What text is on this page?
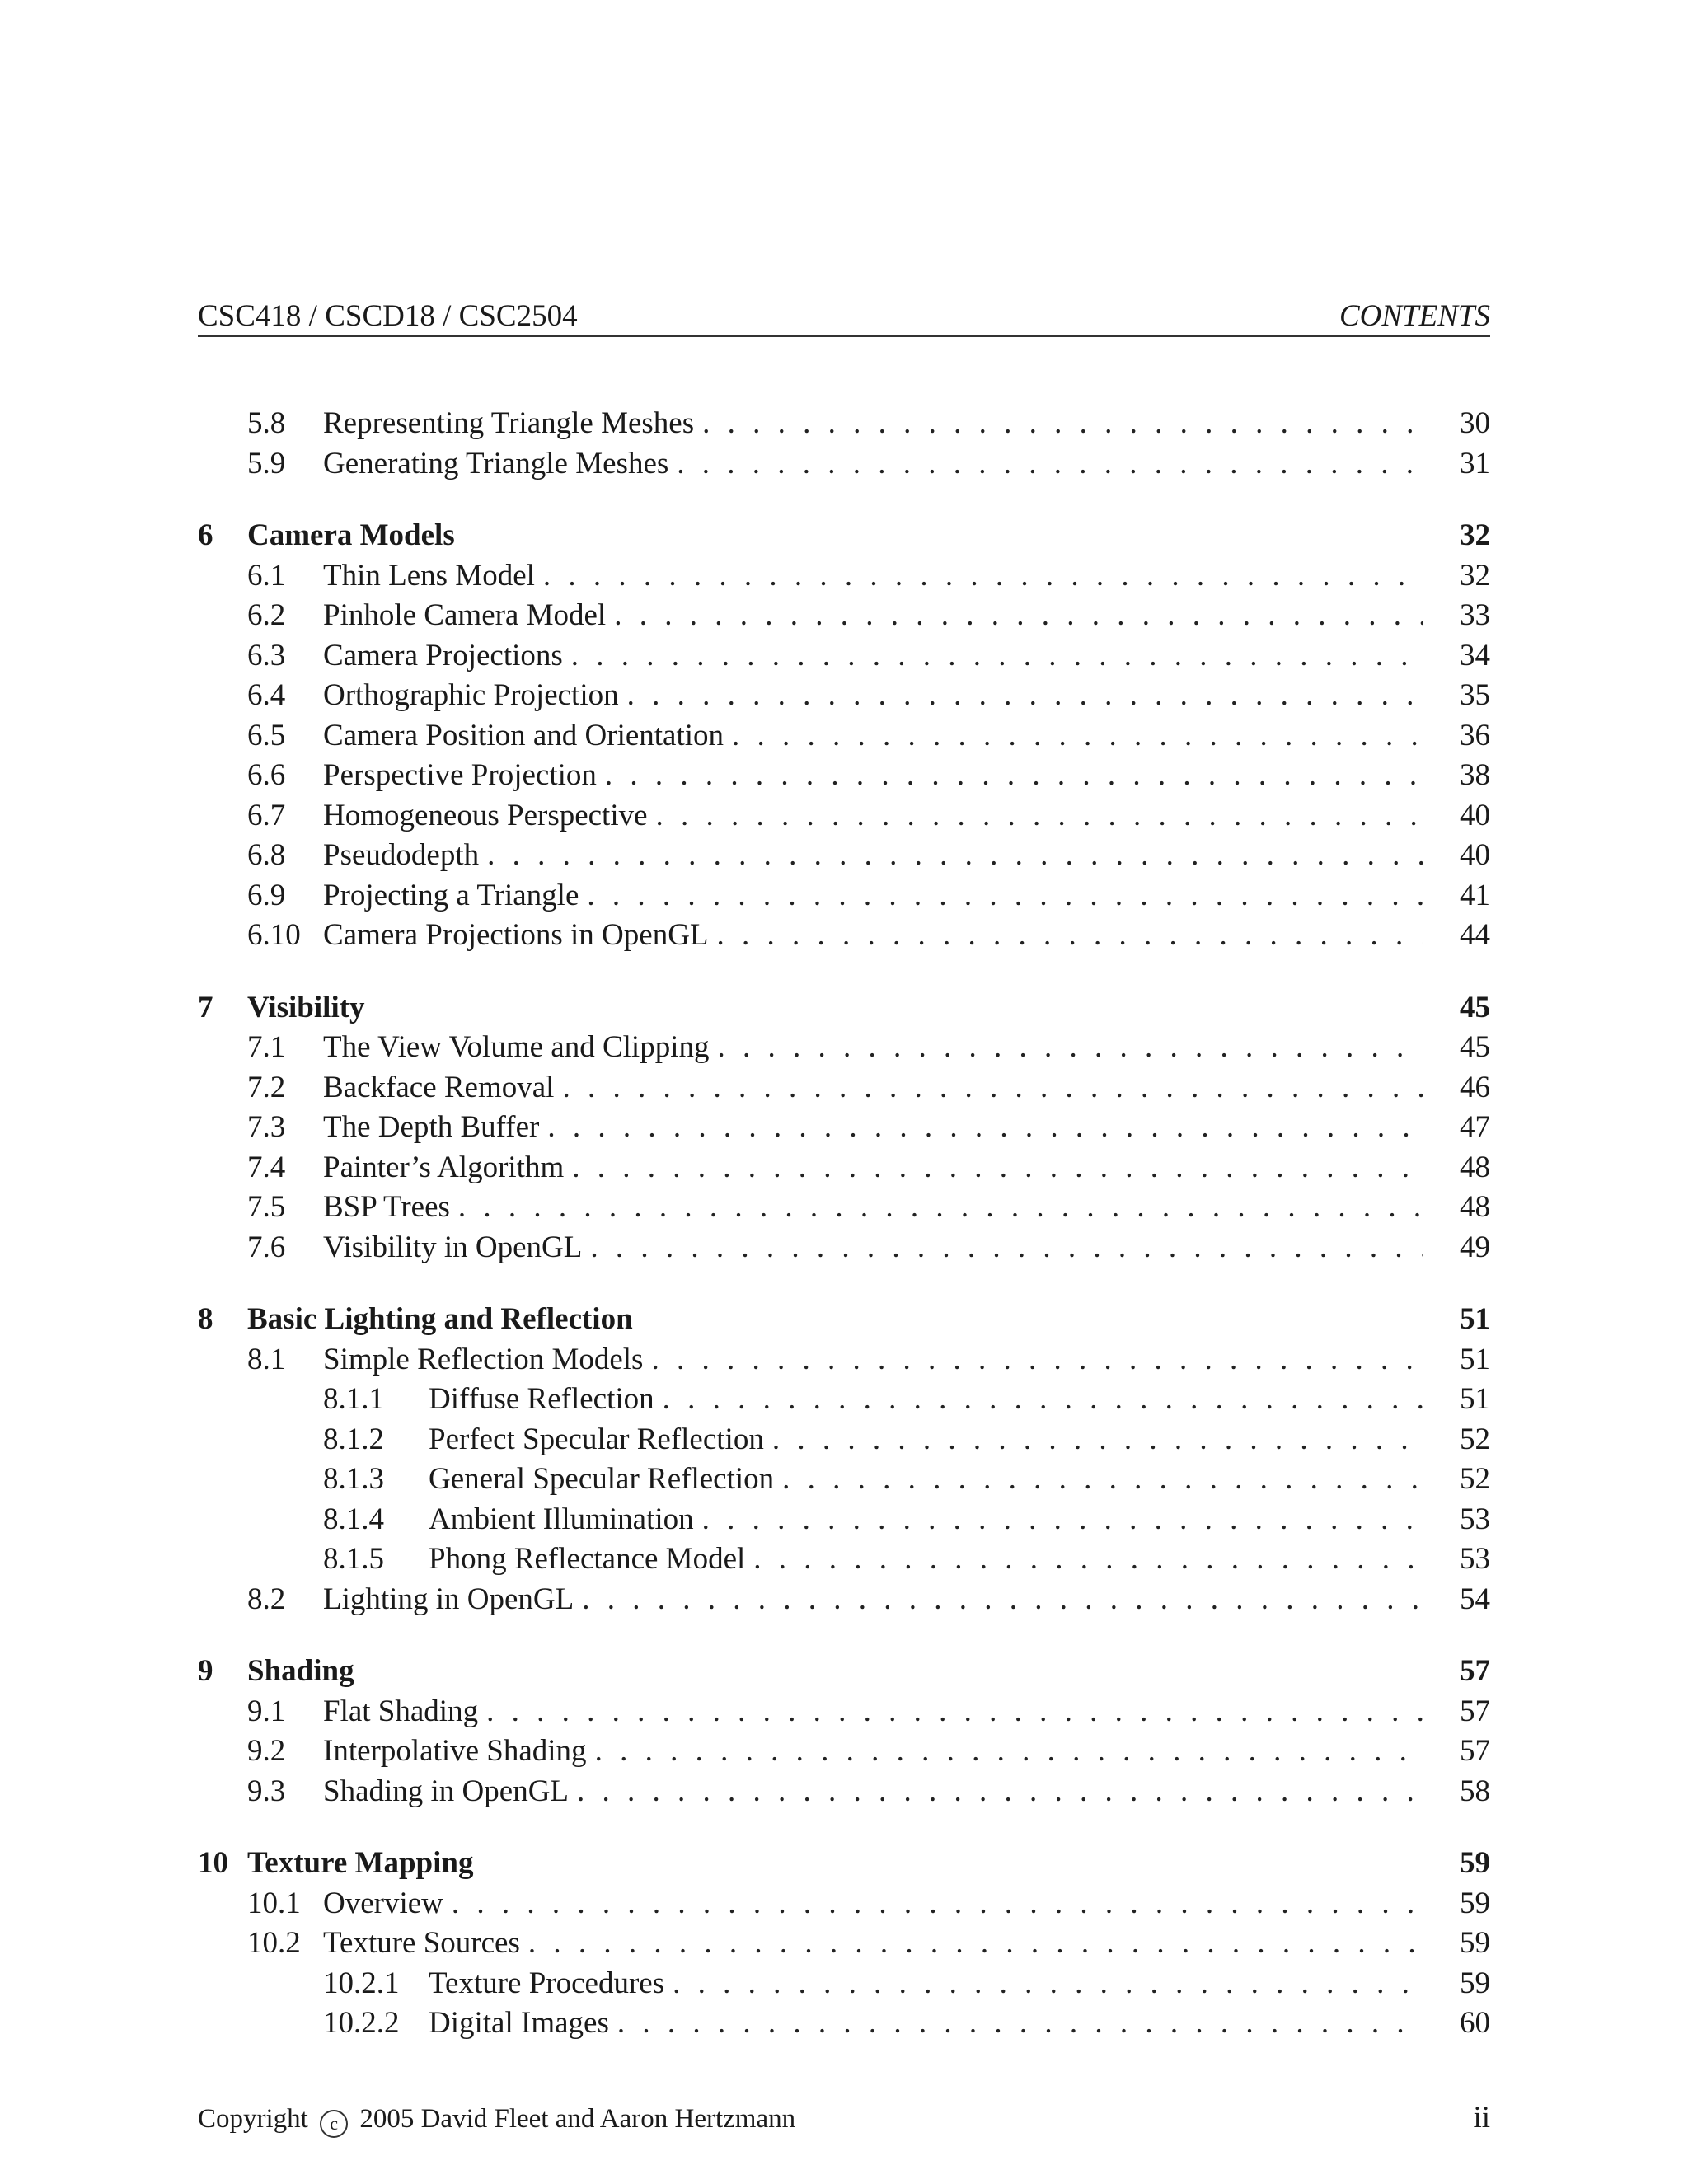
CSC418 / CSCD18 / CSC2504	CONTENTS
5.8	Representing Triangle Meshes . . .	30
5.9	Generating Triangle Meshes . . .	31
6	Camera Models	32
6.1	Thin Lens Model . . .	32
6.2	Pinhole Camera Model . . .	33
6.3	Camera Projections . . .	34
6.4	Orthographic Projection . . .	35
6.5	Camera Position and Orientation . . .	36
6.6	Perspective Projection . . .	38
6.7	Homogeneous Perspective . . .	40
6.8	Pseudodepth . . .	40
6.9	Projecting a Triangle . . .	41
6.10 Camera Projections in OpenGL . . .	44
7	Visibility	45
7.1	The View Volume and Clipping . . .	45
7.2	Backface Removal . . .	46
7.3	The Depth Buffer . . .	47
7.4	Painter’s Algorithm . . .	48
7.5	BSP Trees . . .	48
7.6	Visibility in OpenGL . . .	49
8	Basic Lighting and Reflection	51
8.1	Simple Reflection Models . . .	51
8.1.1	Diffuse Reflection . . .	51
8.1.2	Perfect Specular Reflection . . .	52
8.1.3	General Specular Reflection . . .	52
8.1.4	Ambient Illumination . . .	53
8.1.5	Phong Reflectance Model . . .	53
8.2	Lighting in OpenGL . . .	54
9	Shading	57
9.1	Flat Shading . . .	57
9.2	Interpolative Shading . . .	57
9.3	Shading in OpenGL . . .	58
10 Texture Mapping	59
10.1 Overview . . .	59
10.2 Texture Sources . . .	59
10.2.1 Texture Procedures . . .	59
10.2.2 Digital Images . . .	60
Copyright c 2005 David Fleet and Aaron Hertzmann	ii
